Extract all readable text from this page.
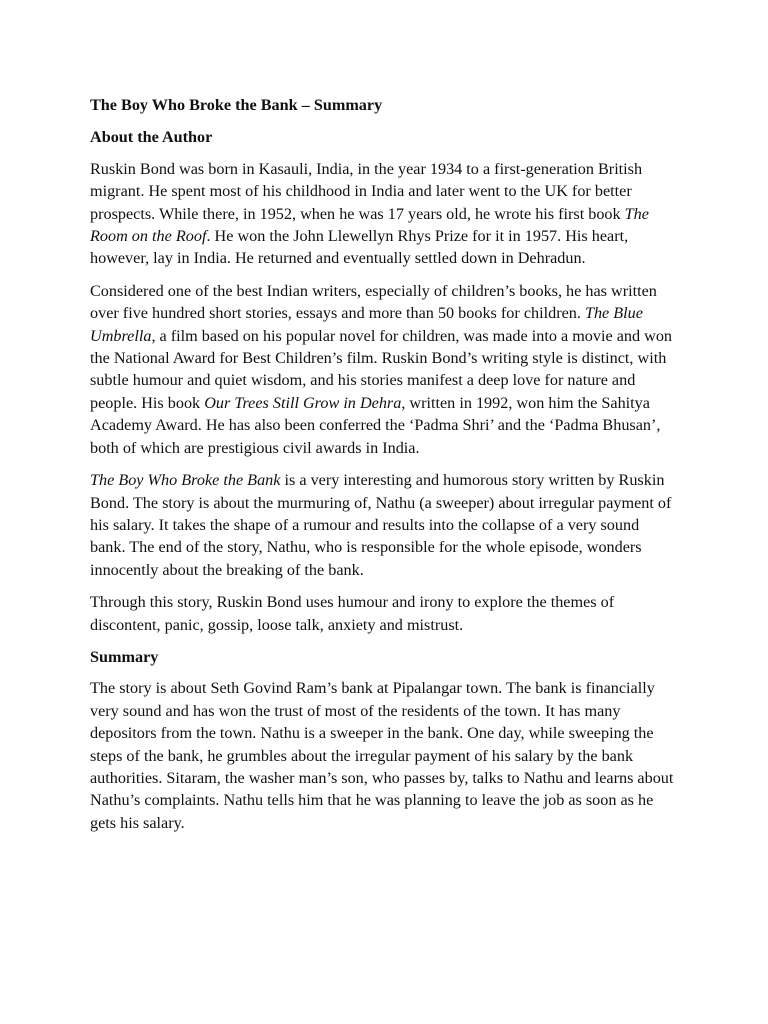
The Boy Who Broke the Bank – Summary

About the Author

Ruskin Bond was born in Kasauli, India, in the year 1934 to a first-generation British migrant. He spent most of his childhood in India and later went to the UK for better prospects. While there, in 1952, when he was 17 years old, he wrote his first book The Room on the Roof. He won the John Llewellyn Rhys Prize for it in 1957. His heart, however, lay in India. He returned and eventually settled down in Dehradun.

Considered one of the best Indian writers, especially of children’s books, he has written over five hundred short stories, essays and more than 50 books for children. The Blue Umbrella, a film based on his popular novel for children, was made into a movie and won the National Award for Best Children’s film. Ruskin Bond’s writing style is distinct, with subtle humour and quiet wisdom, and his stories manifest a deep love for nature and people. His book Our Trees Still Grow in Dehra, written in 1992, won him the Sahitya Academy Award. He has also been conferred the ‘Padma Shri’ and the ‘Padma Bhusan’, both of which are prestigious civil awards in India.

The Boy Who Broke the Bank is a very interesting and humorous story written by Ruskin Bond. The story is about the murmuring of, Nathu (a sweeper) about irregular payment of his salary. It takes the shape of a rumour and results into the collapse of a very sound bank. The end of the story, Nathu, who is responsible for the whole episode, wonders innocently about the breaking of the bank.

Through this story, Ruskin Bond uses humour and irony to explore the themes of discontent, panic, gossip, loose talk, anxiety and mistrust.

Summary

The story is about Seth Govind Ram’s bank at Pipalangar town. The bank is financially very sound and has won the trust of most of the residents of the town. It has many depositors from the town. Nathu is a sweeper in the bank. One day, while sweeping the steps of the bank, he grumbles about the irregular payment of his salary by the bank authorities. Sitaram, the washer man’s son, who passes by, talks to Nathu and learns about Nathu’s complaints. Nathu tells him that he was planning to leave the job as soon as he gets his salary.
